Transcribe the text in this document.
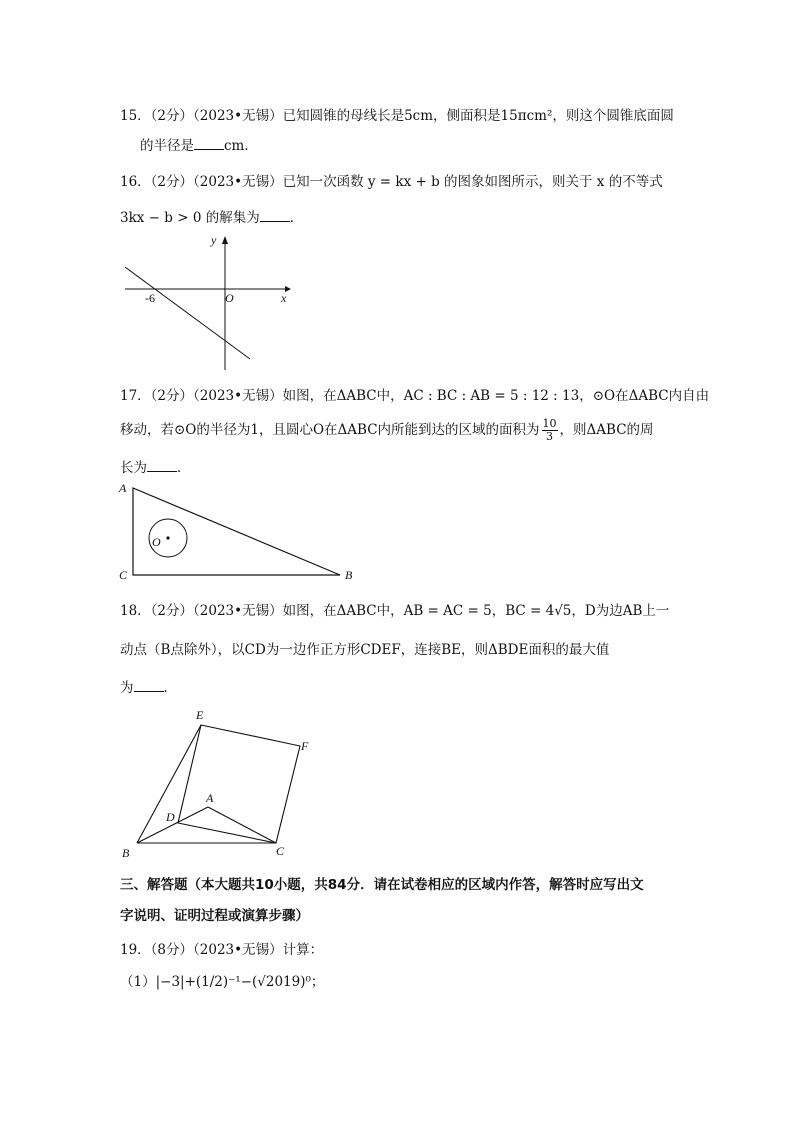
15．（2分）（2023•无锡）已知圆锥的母线长是5cm，侧面积是15πcm²，则这个圆锥底面圆
的半径是 cm．
16．（2分）（2023•无锡）已知一次函数 y = kx + b 的图象如图所示，则关于 x 的不等式
3kx − b > 0 的解集为 ．
y
x
O
-6
17．（2分）（2023•无锡）如图，在ΔABC中，AC : BC : AB = 5 : 12 : 13，⊙O在ΔABC内自由
移动，若⊙O的半径为1，且圆心O在ΔABC内所能到达的区域的面积为 $\frac{10}{3}$ ，则ΔABC的周
长为 ．
A
C	B
O
18．（2分）（2023•无锡）如图，在ΔABC中，AB = AC = 5，BC = 4√5，D为边AB上一
动点（B点除外），以CD为一边作正方形CDEF，连接BE，则ΔBDE面积的最大值
为 ．
E
F
A
D
B	C
三、解答题（本大题共10小题，共84分．请在试卷相应的区域内作答，解答时应写出文
字说明、证明过程或演算步骤）
19．（8分）（2023•无锡）计算：
（1）|−3|+(1/2)⁻¹−(√2019)⁰；
